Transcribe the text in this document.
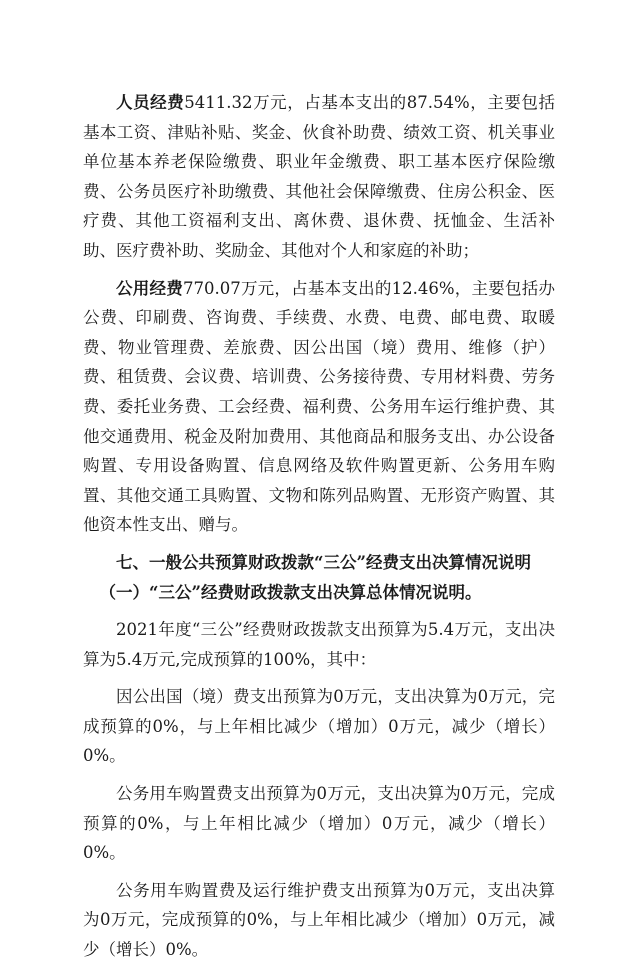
人员经费5411.32万元，占基本支出的87.54%，主要包括基本工资、津贴补贴、奖金、伙食补助费、绩效工资、机关事业单位基本养老保险缴费、职业年金缴费、职工基本医疗保险缴费、公务员医疗补助缴费、其他社会保障缴费、住房公积金、医疗费、其他工资福利支出、离休费、退休费、抚恤金、生活补助、医疗费补助、奖励金、其他对个人和家庭的补助；

公用经费770.07万元，占基本支出的12.46%，主要包括办公费、印刷费、咨询费、手续费、水费、电费、邮电费、取暖费、物业管理费、差旅费、因公出国（境）费用、维修（护）费、租赁费、会议费、培训费、公务接待费、专用材料费、劳务费、委托业务费、工会经费、福利费、公务用车运行维护费、其他交通费用、税金及附加费用、其他商品和服务支出、办公设备购置、专用设备购置、信息网络及软件购置更新、公务用车购置、其他交通工具购置、文物和陈列品购置、无形资产购置、其他资本性支出、赠与。

七、一般公共预算财政拨款“三公”经费支出决算情况说明

（一）“三公”经费财政拨款支出决算总体情况说明。

2021年度“三公”经费财政拨款支出预算为5.4万元，支出决算为5.4万元,完成预算的100%，其中：

因公出国（境）费支出预算为0万元，支出决算为0万元，完成预算的0%，与上年相比减少（增加）0万元，减少（增长）0%。

公务用车购置费支出预算为0万元，支出决算为0万元，完成预算的0%，与上年相比减少（增加）0万元，减少（增长）0%。

公务用车购置费及运行维护费支出预算为0万元，支出决算为0万元，完成预算的0%，与上年相比减少（增加）0万元，减少（增长）0%。
